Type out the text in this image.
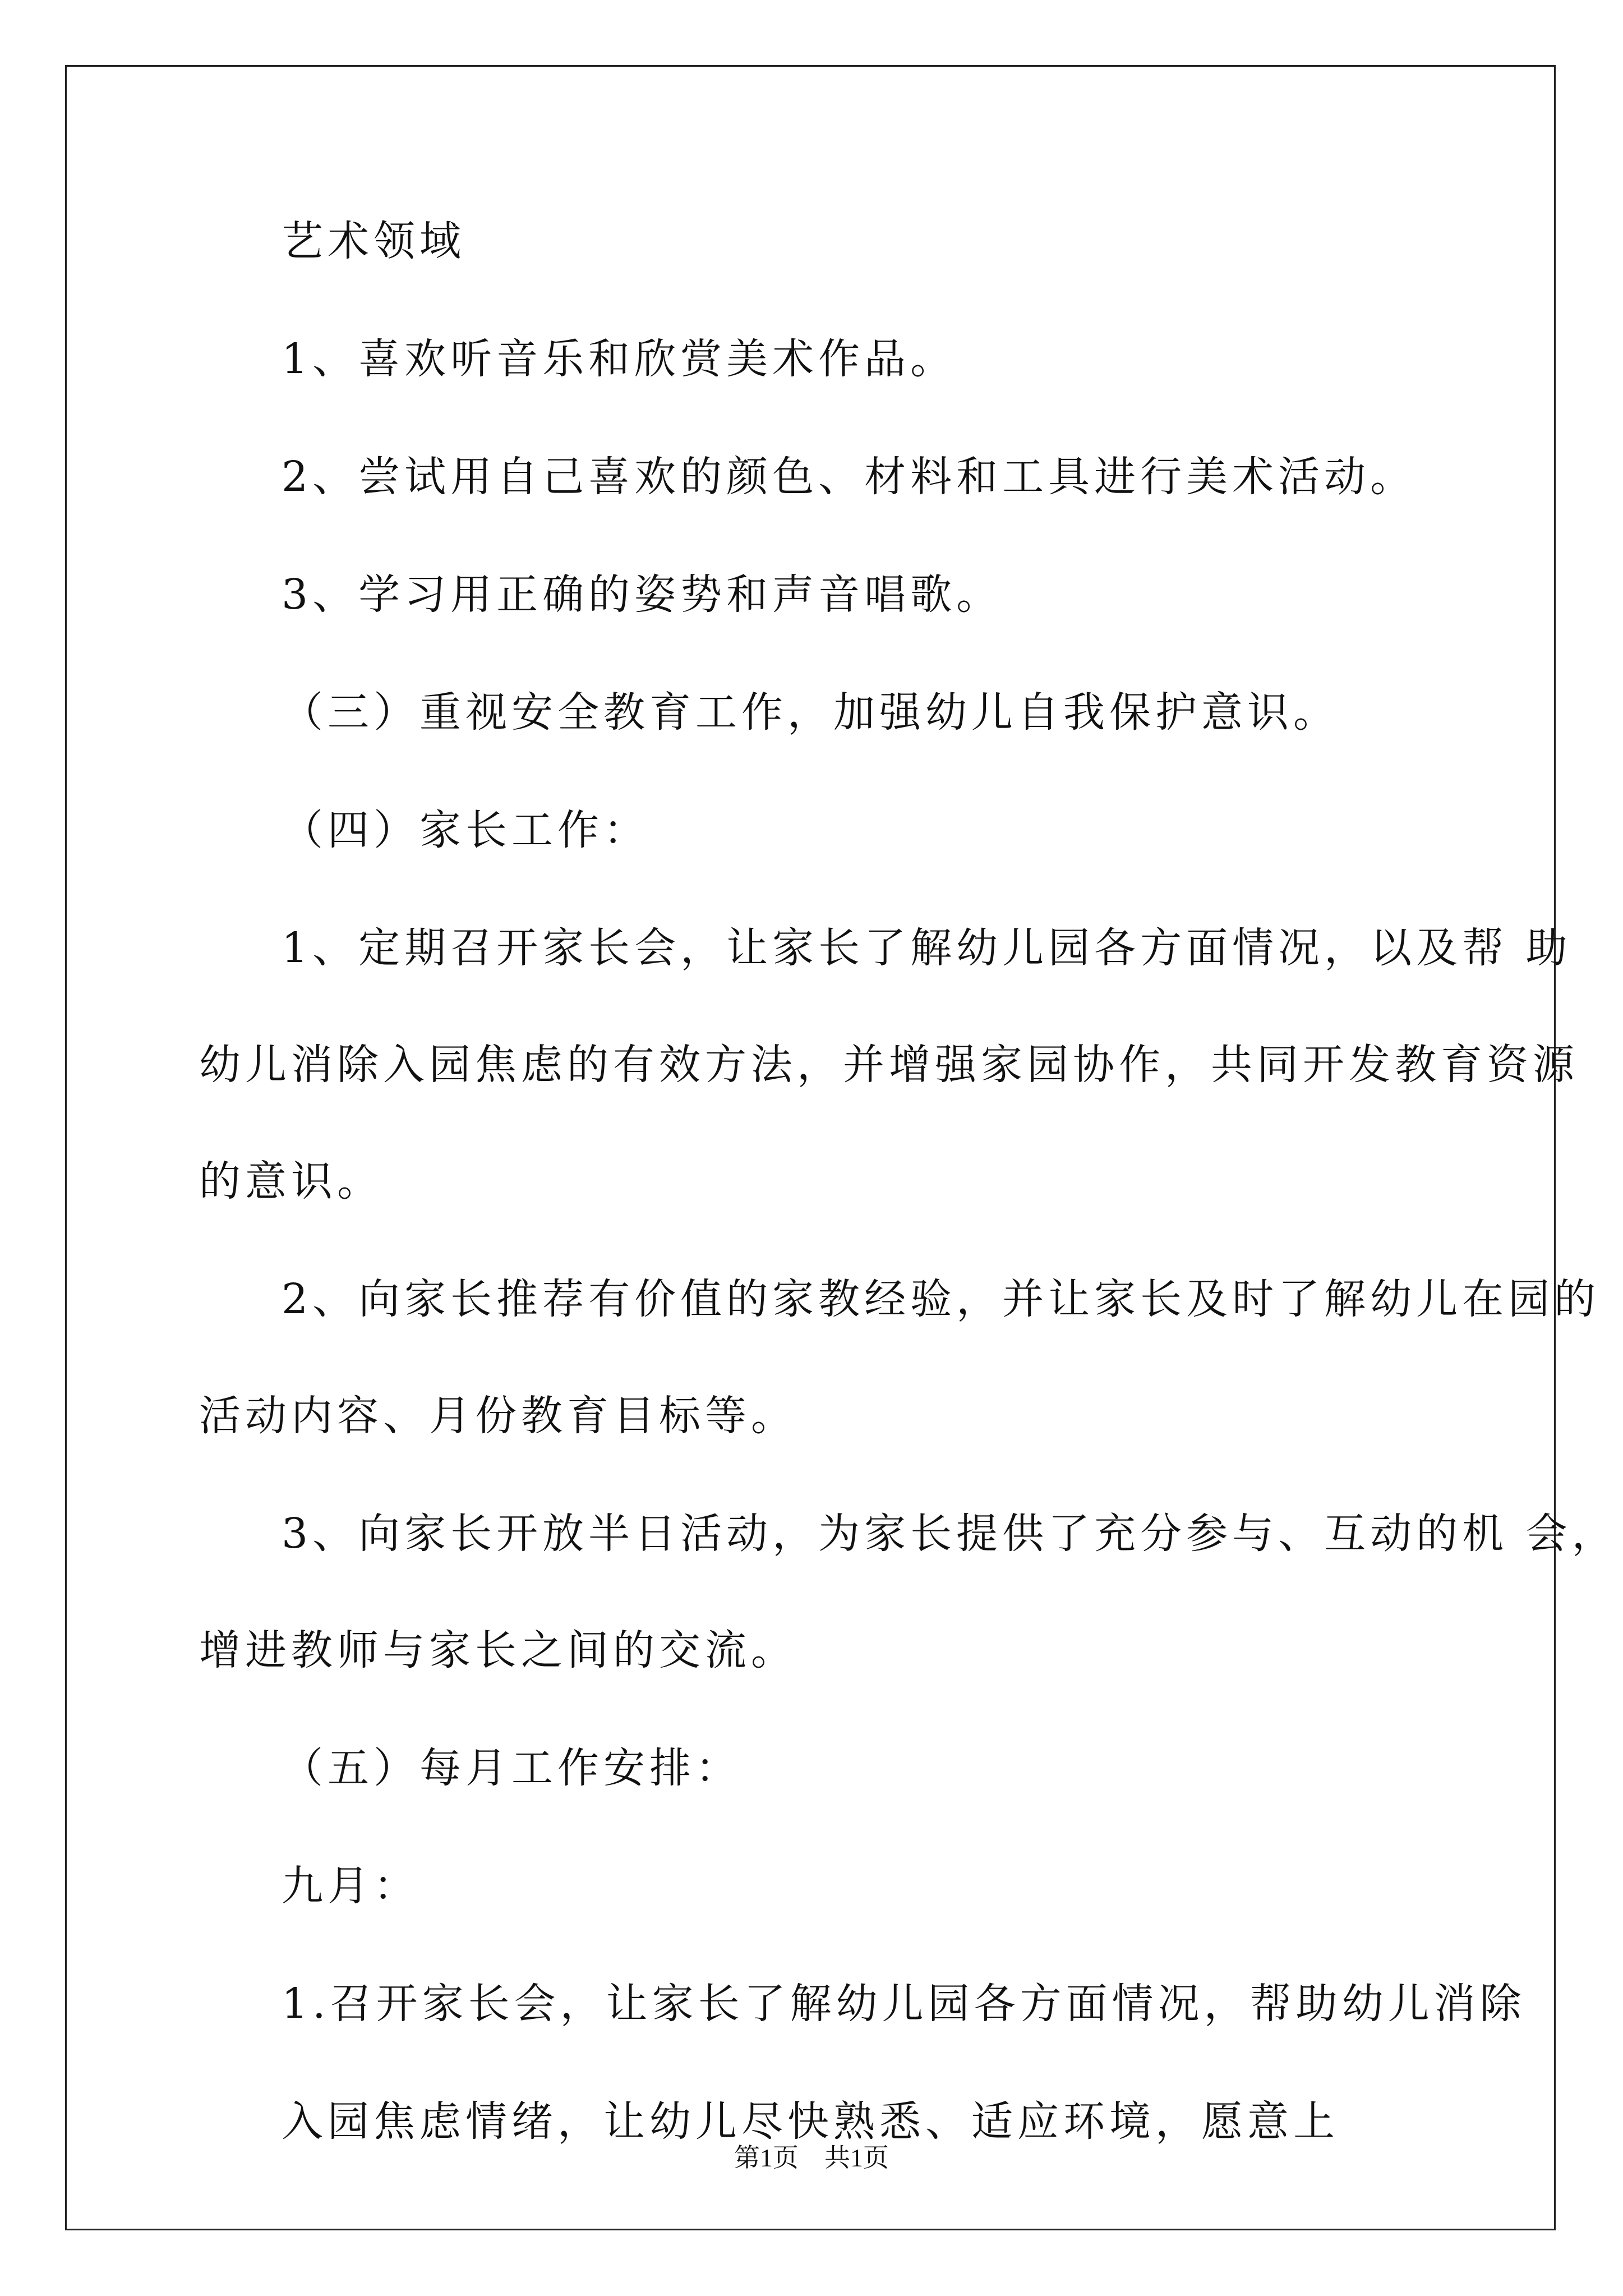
艺术领域

1、喜欢听音乐和欣赏美术作品。

2、尝试用自己喜欢的颜色、材料和工具进行美术活动。

3、学习用正确的姿势和声音唱歌。

（三）重视安全教育工作，加强幼儿自我保护意识。

（四）家长工作：

1、定期召开家长会，让家长了解幼儿园各方面情况，以及帮 助

幼儿消除入园焦虑的有效方法，并增强家园协作，共同开发教育资源

的意识。

2、向家长推荐有价值的家教经验，并让家长及时了解幼儿在园的

活动内容、月份教育目标等。

3、向家长开放半日活动，为家长提供了充分参与、互动的机 会，

增进教师与家长之间的交流。

（五）每月工作安排：

九月：

1.召开家长会，让家长了解幼儿园各方面情况，帮助幼儿消除

入园焦虑情绪，让幼儿尽快熟悉、适应环境，愿意上

第1页　共1页
